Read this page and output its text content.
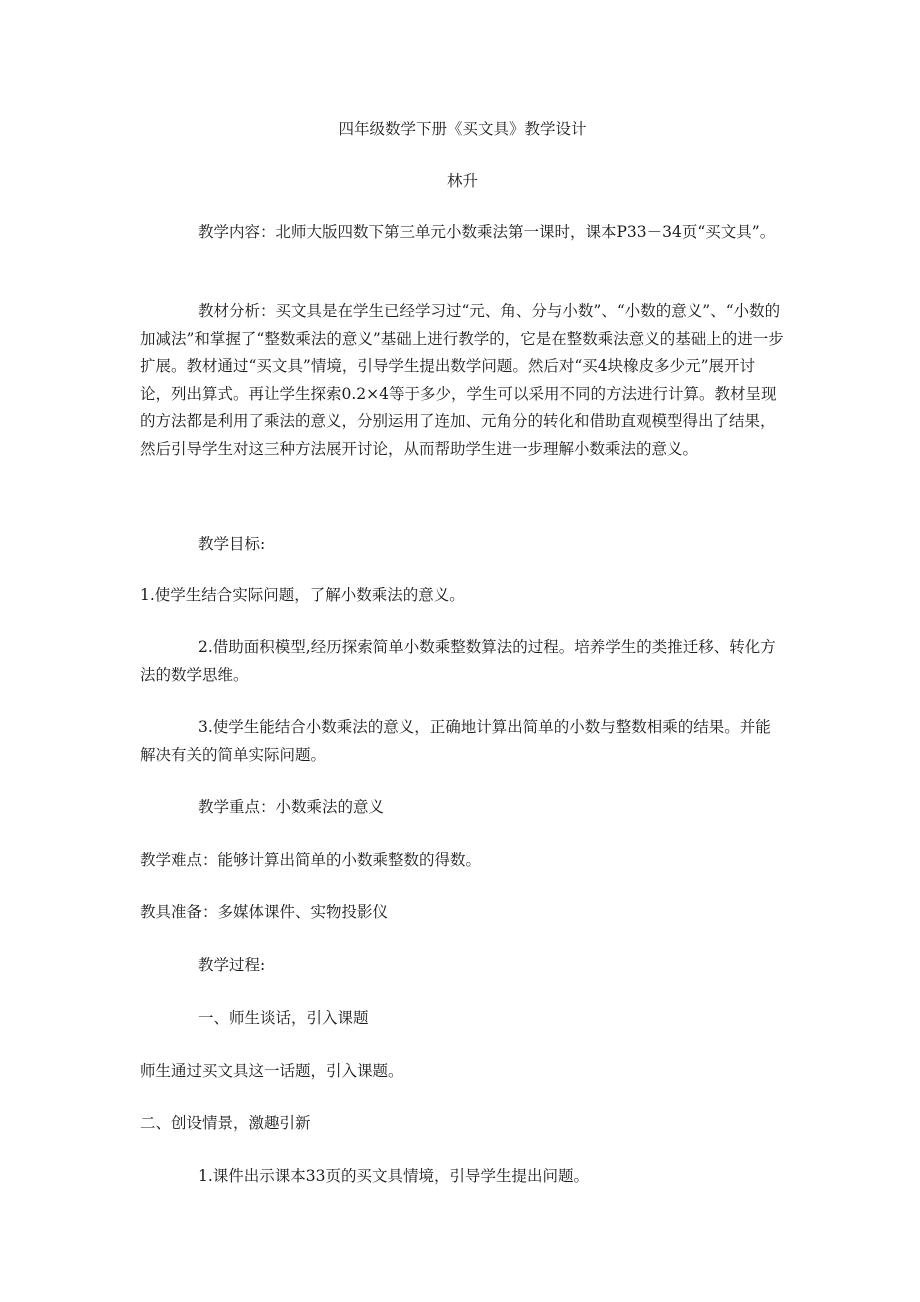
四年级数学下册《买文具》教学设计

林升

教学内容：北师大版四数下第三单元小数乘法第一课时，课本P33－34页“买文具”。

教材分析：买文具是在学生已经学习过“元、角、分与小数”、“小数的意义”、“小数的加减法”和掌握了“整数乘法的意义”基础上进行教学的，它是在整数乘法意义的基础上的进一步扩展。教材通过“买文具”情境，引导学生提出数学问题。然后对“买4块橡皮多少元”展开讨论，列出算式。再让学生探索0.2×4等于多少，学生可以采用不同的方法进行计算。教材呈现的方法都是利用了乘法的意义，分别运用了连加、元角分的转化和借助直观模型得出了结果，然后引导学生对这三种方法展开讨论，从而帮助学生进一步理解小数乘法的意义。

教学目标:

1.使学生结合实际问题，了解小数乘法的意义。

2.借助面积模型,经历探索简单小数乘整数算法的过程。培养学生的类推迁移、转化方法的数学思维。

3.使学生能结合小数乘法的意义，正确地计算出简单的小数与整数相乘的结果。并能解决有关的简单实际问题。

教学重点：小数乘法的意义

教学难点：能够计算出简单的小数乘整数的得数。

教具准备：多媒体课件、实物投影仪

教学过程:

一、师生谈话，引入课题

师生通过买文具这一话题，引入课题。

二、创设情景，激趣引新

1.课件出示课本33页的买文具情境，引导学生提出问题。
